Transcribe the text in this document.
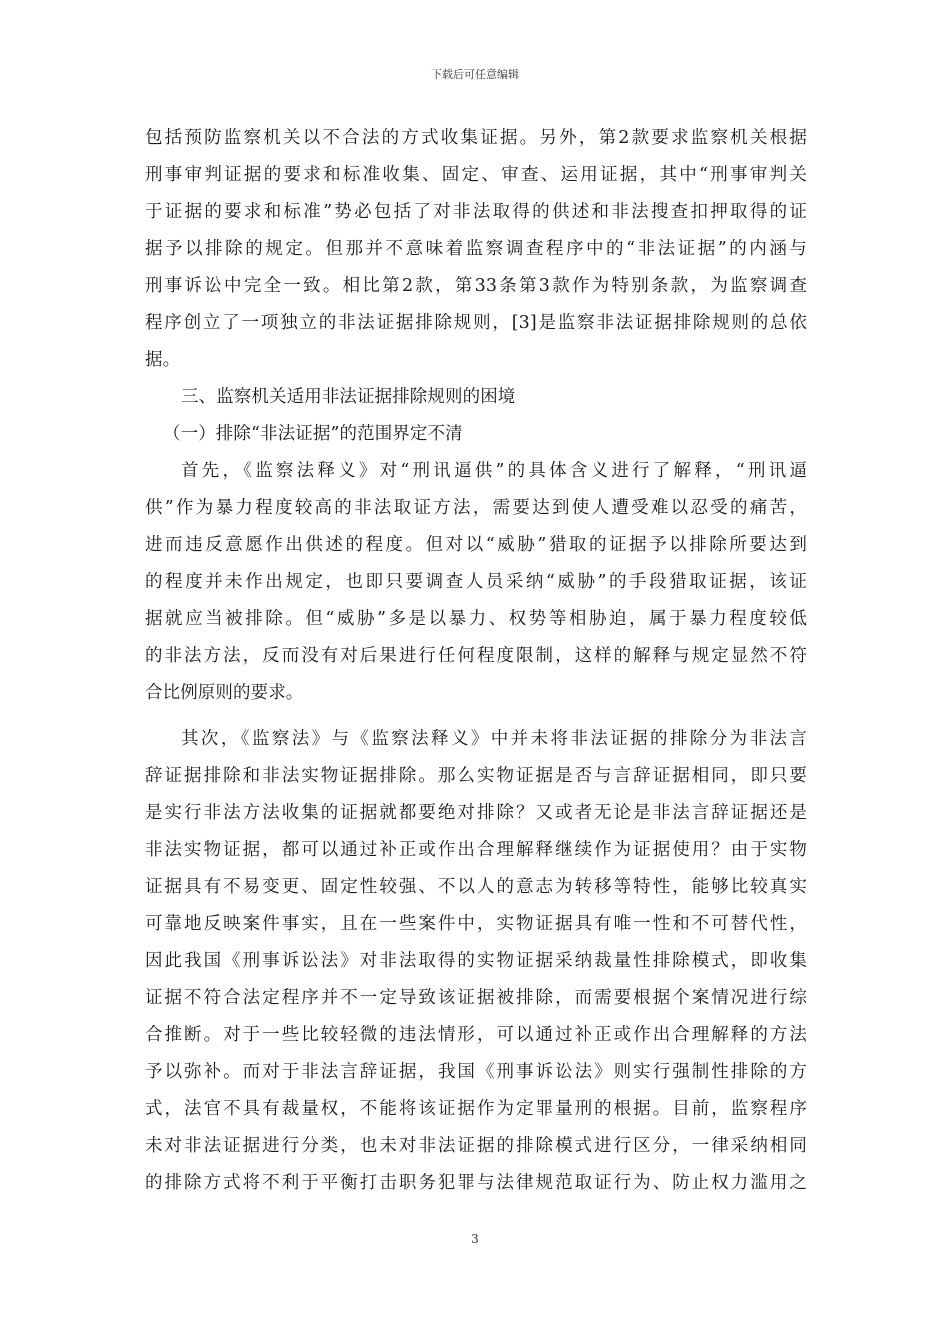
下载后可任意编辑
包括预防监察机关以不合法的方式收集证据。另外，第2款要求监察机关根据
刑事审判证据的要求和标准收集、固定、审查、运用证据，其中“刑事审判关
于证据的要求和标准”势必包括了对非法取得的供述和非法搜查扣押取得的证
据予以排除的规定。但那并不意味着监察调查程序中的“非法证据”的内涵与
刑事诉讼中完全一致。相比第2款，第33条第3款作为特别条款，为监察调查
程序创立了一项独立的非法证据排除规则，[3]是监察非法证据排除规则的总依
据。
三、监察机关适用非法证据排除规则的困境
（一）排除“非法证据”的范围界定不清
首先，《监察法释义》对“刑讯逼供”的具体含义进行了解释，“刑讯逼
供”作为暴力程度较高的非法取证方法，需要达到使人遭受难以忍受的痛苦，
进而违反意愿作出供述的程度。但对以“威胁”猎取的证据予以排除所要达到
的程度并未作出规定，也即只要调查人员采纳“威胁”的手段猎取证据，该证
据就应当被排除。但“威胁”多是以暴力、权势等相胁迫，属于暴力程度较低
的非法方法，反而没有对后果进行任何程度限制，这样的解释与规定显然不符
合比例原则的要求。
其次，《监察法》与《监察法释义》中并未将非法证据的排除分为非法言
辞证据排除和非法实物证据排除。那么实物证据是否与言辞证据相同，即只要
是实行非法方法收集的证据就都要绝对排除？又或者无论是非法言辞证据还是
非法实物证据，都可以通过补正或作出合理解释继续作为证据使用？由于实物
证据具有不易变更、固定性较强、不以人的意志为转移等特性，能够比较真实
可靠地反映案件事实，且在一些案件中，实物证据具有唯一性和不可替代性，
因此我国《刑事诉讼法》对非法取得的实物证据采纳裁量性排除模式，即收集
证据不符合法定程序并不一定导致该证据被排除，而需要根据个案情况进行综
合推断。对于一些比较轻微的违法情形，可以通过补正或作出合理解释的方法
予以弥补。而对于非法言辞证据，我国《刑事诉讼法》则实行强制性排除的方
式，法官不具有裁量权，不能将该证据作为定罪量刑的根据。目前，监察程序
未对非法证据进行分类，也未对非法证据的排除模式进行区分，一律采纳相同
的排除方式将不利于平衡打击职务犯罪与法律规范取证行为、防止权力滥用之
3
